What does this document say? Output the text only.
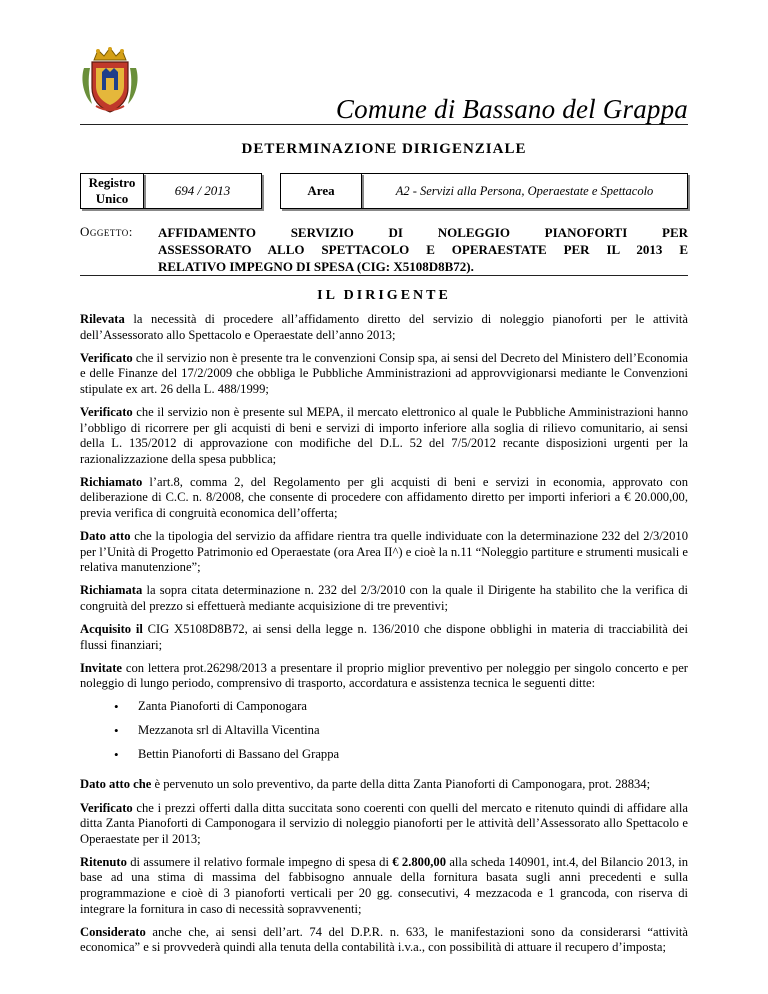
Comune di Bassano del Grappa
DETERMINAZIONE DIRIGENZIALE
Registro
Unico
694 / 2013	Area	A2 - Servizi alla Persona, Operaestate e Spettacolo
Oggetto: AFFIDAMENTO SERVIZIO DI NOLEGGIO PIANOFORTI PER
ASSESSORATO ALLO SPETTACOLO E OPERAESTATE PER IL 2013 E
RELATIVO IMPEGNO DI SPESA (CIG: X5108D8B72).
IL DIRIGENTE

Rilevata la necessità di procedere all’affidamento diretto del servizio di noleggio pianoforti per le attività dell’Assessorato allo Spettacolo e Operaestate dell’anno 2013;

Verificato che il servizio non è presente tra le convenzioni Consip spa, ai sensi del Decreto del Ministero dell’Economia e delle Finanze del 17/2/2009 che obbliga le Pubbliche Amministrazioni ad approvvigionarsi mediante le Convenzioni stipulate ex art. 26 della L. 488/1999;

Verificato che il servizio non è presente sul MEPA, il mercato elettronico al quale le Pubbliche Amministrazioni hanno l’obbligo di ricorrere per gli acquisti di beni e servizi di importo inferiore alla soglia di rilievo comunitario, ai sensi della L. 135/2012 di approvazione con modifiche del D.L. 52 del 7/5/2012 recante disposizioni urgenti per la razionalizzazione della spesa pubblica;

Richiamato l’art.8, comma 2, del Regolamento per gli acquisti di beni e servizi in economia, approvato con deliberazione di C.C. n. 8/2008, che consente di procedere con affidamento diretto per importi inferiori a € 20.000,00, previa verifica di congruità economica dell’offerta;

Dato atto che la tipologia del servizio da affidare rientra tra quelle individuate con la determinazione 232 del 2/3/2010 per l’Unità di Progetto Patrimonio ed Operaestate (ora Area II^) e cioè la n.11 “Noleggio partiture e strumenti musicali e relativa manutenzione”;

Richiamata la sopra citata determinazione n. 232 del 2/3/2010 con la quale il Dirigente ha stabilito che la verifica di congruità del prezzo si effettuerà mediante acquisizione di tre preventivi;

Acquisito il CIG X5108D8B72, ai sensi della legge n. 136/2010 che dispone obblighi in materia di tracciabilità dei flussi finanziari;

Invitate con lettera prot.26298/2013 a presentare il proprio miglior preventivo per noleggio per singolo concerto e per noleggio di lungo periodo, comprensivo di trasporto, accordatura e assistenza tecnica le seguenti ditte:

• Zanta Pianoforti di Camponogara
• Mezzanota srl di Altavilla Vicentina
• Bettin Pianoforti di Bassano del Grappa

Dato atto che è pervenuto un solo preventivo, da parte della ditta Zanta Pianoforti di Camponogara, prot. 28834;

Verificato che i prezzi offerti dalla ditta succitata sono coerenti con quelli del mercato e ritenuto quindi di affidare alla ditta Zanta Pianoforti di Camponogara il servizio di noleggio pianoforti per le attività dell’Assessorato allo Spettacolo e Operaestate per il 2013;

Ritenuto di assumere il relativo formale impegno di spesa di € 2.800,00 alla scheda 140901, int.4, del Bilancio 2013, in base ad una stima di massima del fabbisogno annuale della fornitura basata sugli anni precedenti e sulla programmazione e cioè di 3 pianoforti verticali per 20 gg. consecutivi, 4 mezzacoda e 1 grancoda, con riserva di integrare la fornitura in caso di necessità sopravvenenti;

Considerato anche che, ai sensi dell’art. 74 del D.P.R. n. 633, le manifestazioni sono da considerarsi “attività economica” e si provvederà quindi alla tenuta della contabilità i.v.a., con possibilità di attuare il recupero d’imposta;
